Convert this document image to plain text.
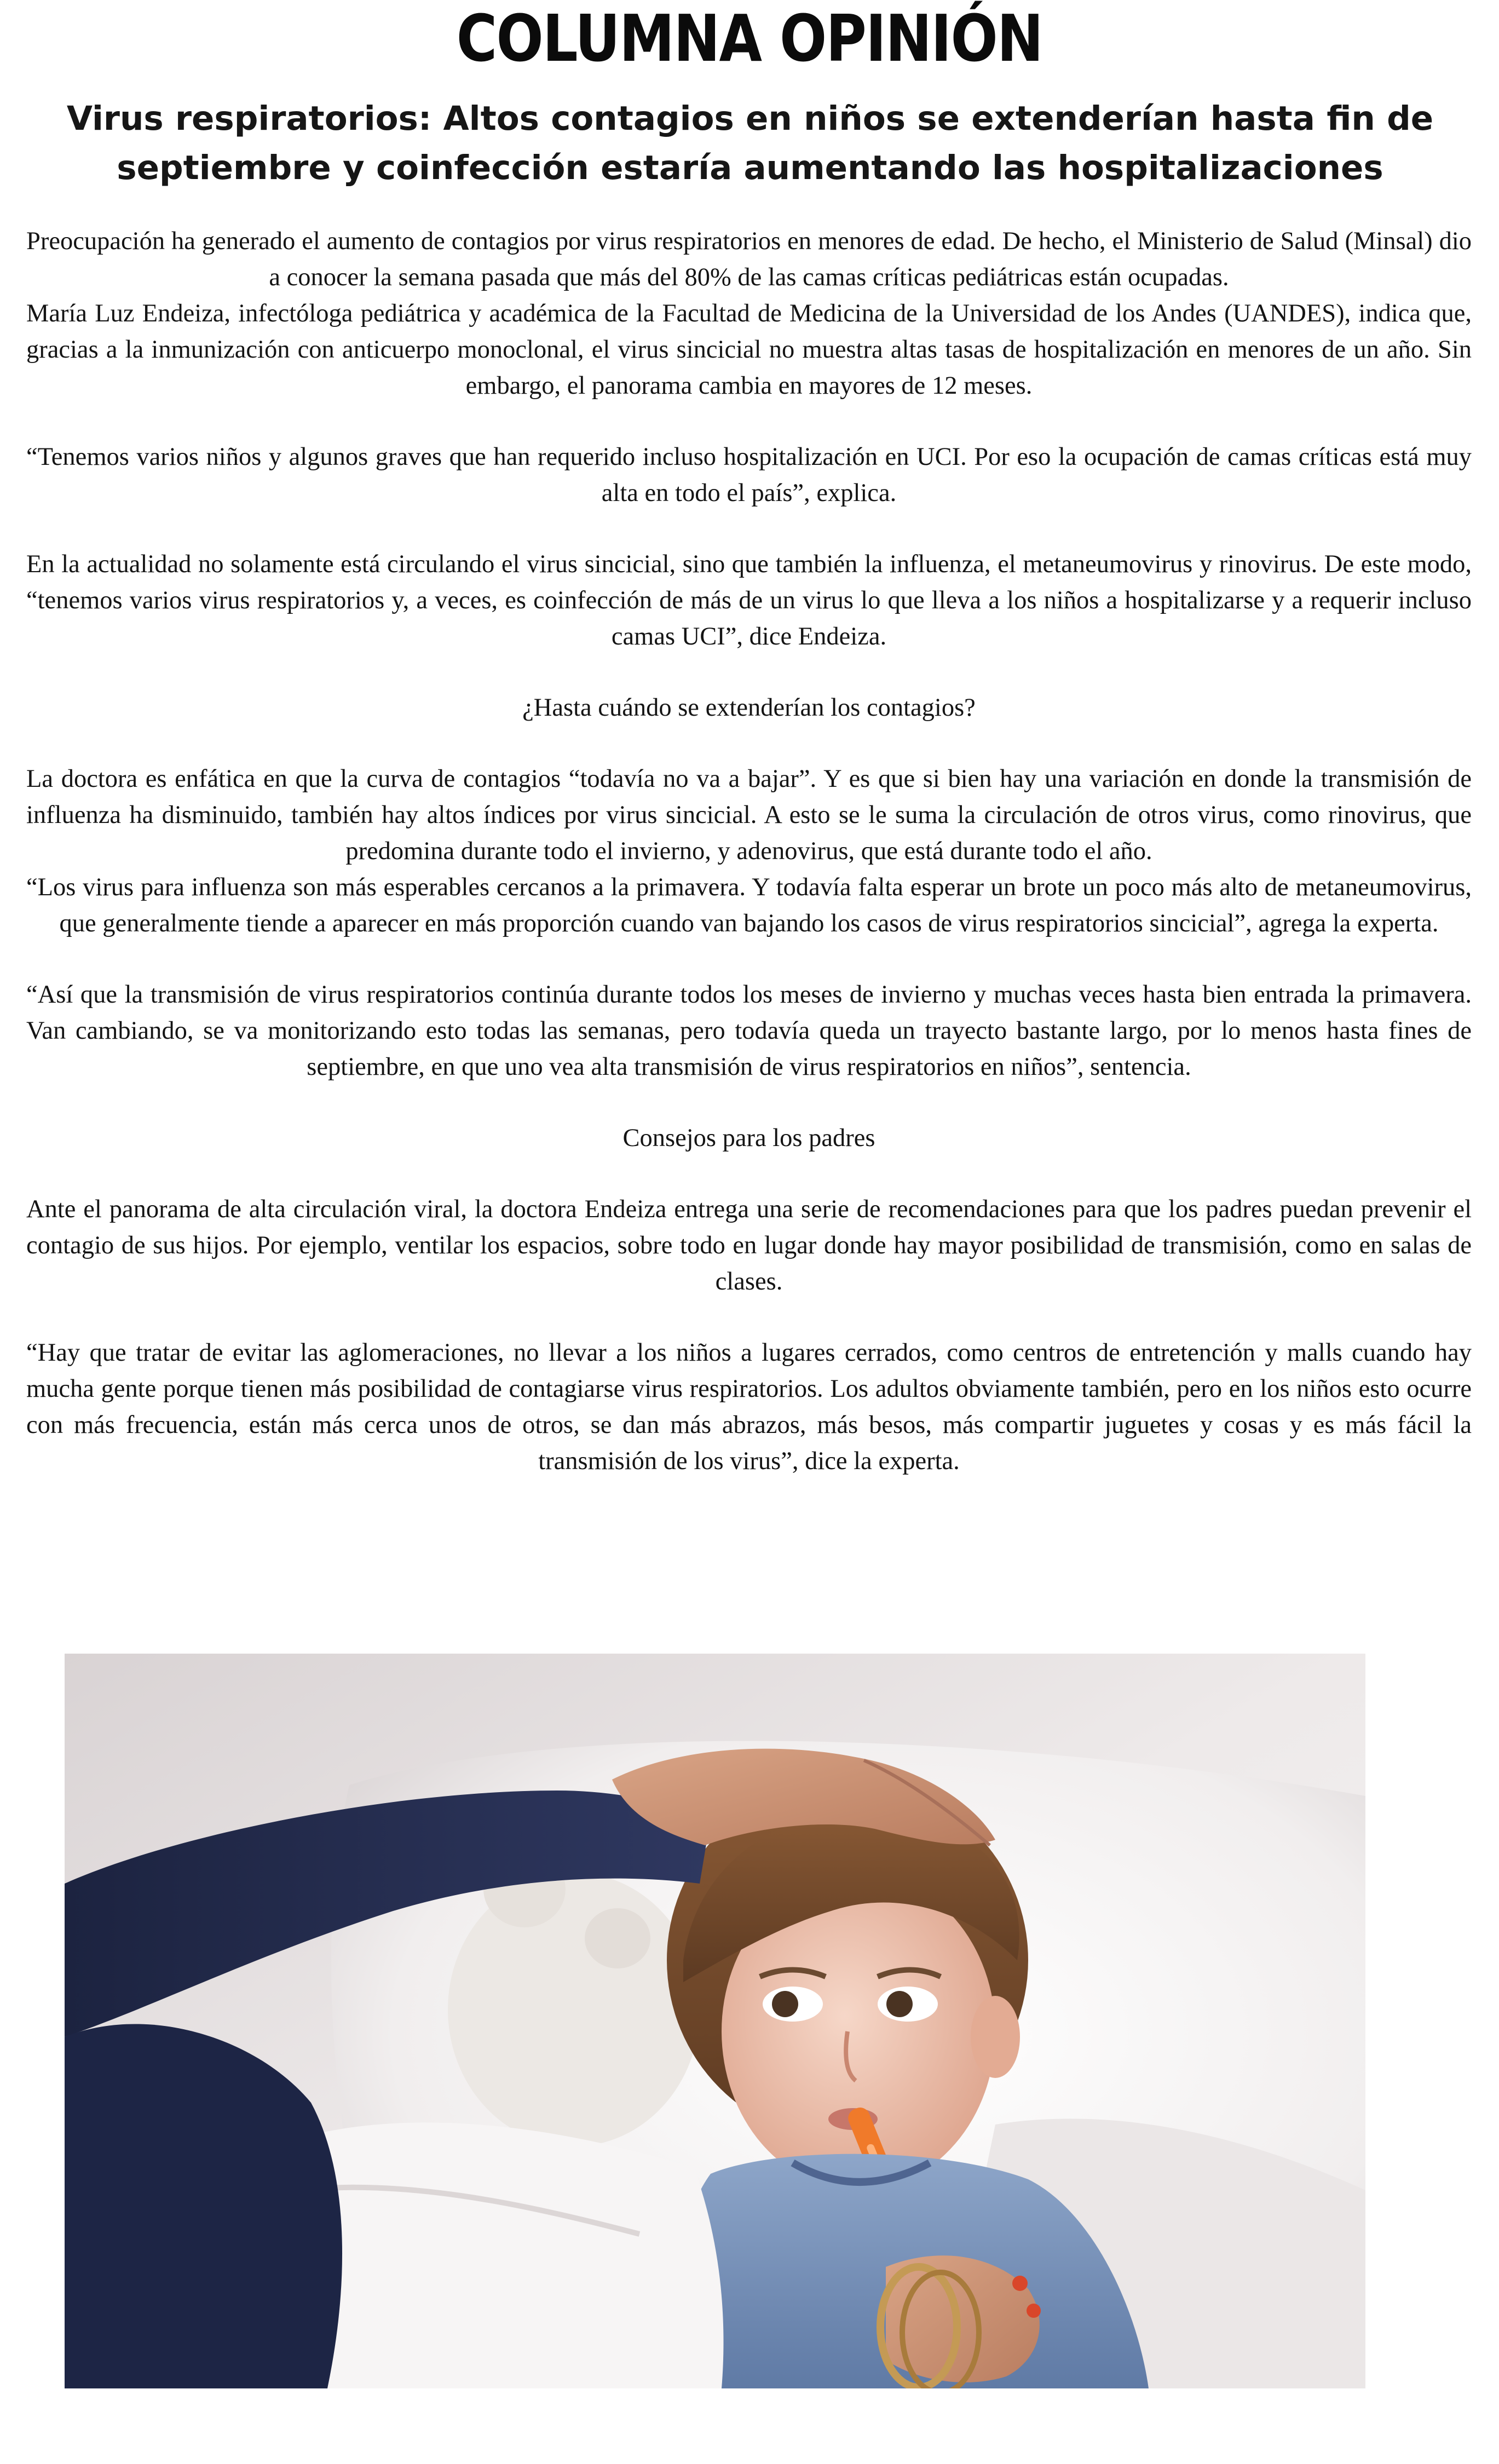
COLUMNA OPINIÓN
Virus respiratorios: Altos contagios en niños se extenderían hasta fin de septiembre y coinfección estaría aumentando las hospitalizaciones

Preocupación ha generado el aumento de contagios por virus respiratorios en menores de edad. De hecho, el Ministerio de Salud (Minsal) dio a conocer la semana pasada que más del 80% de las camas críticas pediátricas están ocupadas.

María Luz Endeiza, infectóloga pediátrica y académica de la Facultad de Medicina de la Universidad de los Andes (UANDES), indica que, gracias a la inmunización con anticuerpo monoclonal, el virus sincicial no muestra altas tasas de hospitalización en menores de un año. Sin embargo, el panorama cambia en mayores de 12 meses.

“Tenemos varios niños y algunos graves que han requerido incluso hospitalización en UCI. Por eso la ocupación de camas críticas está muy alta en todo el país”, explica.

En la actualidad no solamente está circulando el virus sincicial, sino que también la influenza, el metaneumovirus y rinovirus. De este modo, “tenemos varios virus respiratorios y, a veces, es coinfección de más de un virus lo que lleva a los niños a hospitalizarse y a requerir incluso camas UCI”, dice Endeiza.

¿Hasta cuándo se extenderían los contagios?

La doctora es enfática en que la curva de contagios “todavía no va a bajar”. Y es que si bien hay una variación en donde la transmisión de influenza ha disminuido, también hay altos índices por virus sincicial. A esto se le suma la circulación de otros virus, como rinovirus, que predomina durante todo el invierno, y adenovirus, que está durante todo el año.

“Los virus para influenza son más esperables cercanos a la primavera. Y todavía falta esperar un brote un poco más alto de metaneumovirus, que generalmente tiende a aparecer en más proporción cuando van bajando los casos de virus respiratorios sincicial”, agrega la experta.

“Así que la transmisión de virus respiratorios continúa durante todos los meses de invierno y muchas veces hasta bien entrada la primavera. Van cambiando, se va monitorizando esto todas las semanas, pero todavía queda un trayecto bastante largo, por lo menos hasta fines de septiembre, en que uno vea alta transmisión de virus respiratorios en niños”, sentencia.

Consejos para los padres

Ante el panorama de alta circulación viral, la doctora Endeiza entrega una serie de recomendaciones para que los padres puedan prevenir el contagio de sus hijos. Por ejemplo, ventilar los espacios, sobre todo en lugar donde hay mayor posibilidad de transmisión, como en salas de clases.

“Hay que tratar de evitar las aglomeraciones, no llevar a los niños a lugares cerrados, como centros de entretención y malls cuando hay mucha gente porque tienen más posibilidad de contagiarse virus respiratorios. Los adultos obviamente también, pero en los niños esto ocurre con más frecuencia, están más cerca unos de otros, se dan más abrazos, más besos, más compartir juguetes y cosas y es más fácil la transmisión de los virus”, dice la experta.
